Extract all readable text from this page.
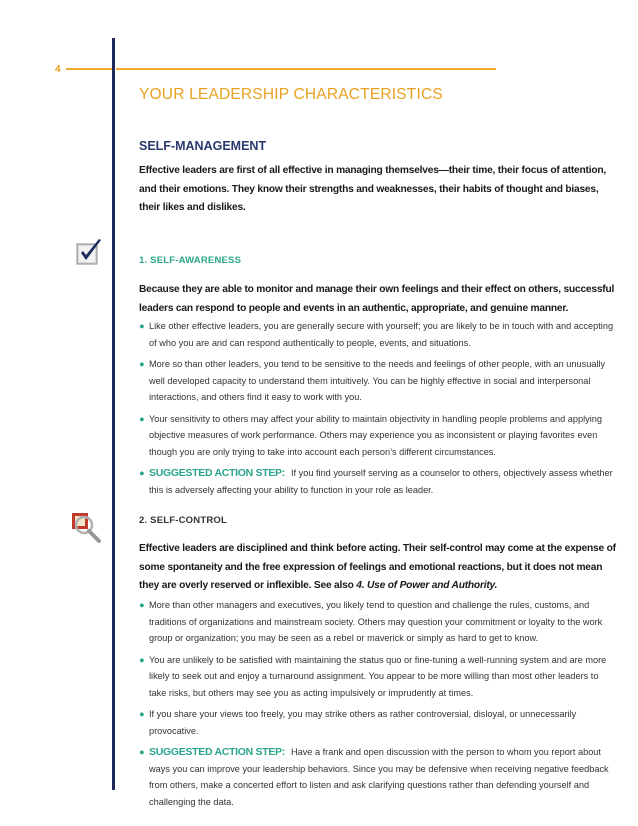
4
YOUR LEADERSHIP CHARACTERISTICS
SELF-MANAGEMENT
Effective leaders are first of all effective in managing themselves—their time, their focus of attention, and their emotions. They know their strengths and weaknesses, their habits of thought and biases, their likes and dislikes.
1. SELF-AWARENESS
Because they are able to monitor and manage their own feelings and their effect on others, successful leaders can respond to people and events in an authentic, appropriate, and genuine manner.
● Like other effective leaders, you are generally secure with yourself; you are likely to be in touch with and accepting of who you are and can respond authentically to people, events, and situations.
● More so than other leaders, you tend to be sensitive to the needs and feelings of other people, with an unusually well developed capacity to understand them intuitively. You can be highly effective in social and interpersonal interactions, and others find it easy to work with you.
● Your sensitivity to others may affect your ability to maintain objectivity in handling people problems and applying objective measures of work performance. Others may experience you as inconsistent or playing favorites even though you are only trying to take into account each person’s different circumstances.
● SUGGESTED ACTION STEP: If you find yourself serving as a counselor to others, objectively assess whether this is adversely affecting your ability to function in your role as leader.
2. SELF-CONTROL
Effective leaders are disciplined and think before acting. Their self-control may come at the expense of some spontaneity and the free expression of feelings and emotional reactions, but it does not mean they are overly reserved or inflexible. See also 4. Use of Power and Authority.
● More than other managers and executives, you likely tend to question and challenge the rules, customs, and traditions of organizations and mainstream society. Others may question your commitment or loyalty to the work group or organization; you may be seen as a rebel or maverick or simply as hard to get to know.
● You are unlikely to be satisfied with maintaining the status quo or fine-tuning a well-running system and are more likely to seek out and enjoy a turnaround assignment. You appear to be more willing than most other leaders to take risks, but others may see you as acting impulsively or imprudently at times.
● If you share your views too freely, you may strike others as rather controversial, disloyal, or unnecessarily provocative.
● SUGGESTED ACTION STEP: Have a frank and open discussion with the person to whom you report about ways you can improve your leadership behaviors. Since you may be defensive when receiving negative feedback from others, make a concerted effort to listen and ask clarifying questions rather than defending yourself and challenging the data.
